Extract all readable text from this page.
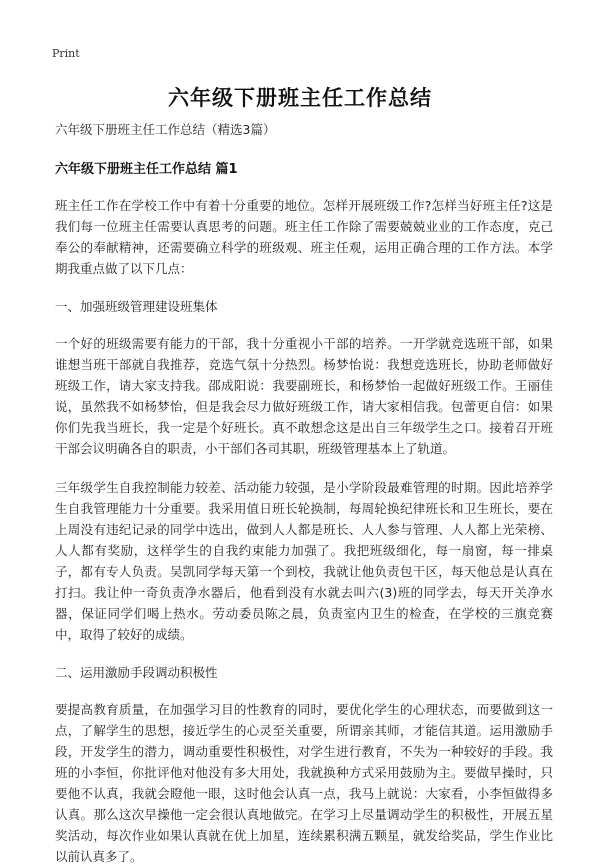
Print
六年级下册班主任工作总结
六年级下册班主任工作总结（精选3篇）
六年级下册班主任工作总结 篇1

班主任工作在学校工作中有着十分重要的地位。怎样开展班级工作?怎样当好班主任?这是我们每一位班主任需要认真思考的问题。班主任工作除了需要兢兢业业的工作态度，克己奉公的奉献精神，还需要确立科学的班级观、班主任观，运用正确合理的工作方法。本学期我重点做了以下几点：

一、加强班级管理建设班集体

一个好的班级需要有能力的干部，我十分重视小干部的培养。一开学就竞选班干部，如果谁想当班干部就自我推荐，竞选气氛十分热烈。杨梦怡说：我想竞选班长，协助老师做好班级工作，请大家支持我。邵成阳说：我要副班长，和杨梦怡一起做好班级工作。王丽佳说，虽然我不如杨梦怡，但是我会尽力做好班级工作，请大家相信我。包蕾更自信：如果你们先我当班长，我一定是个好班长。真不敢想念这是出自三年级学生之口。接着召开班干部会议明确各自的职责，小干部们各司其职，班级管理基本上了轨道。

三年级学生自我控制能力较差、活动能力较强，是小学阶段最难管理的时期。因此培养学生自我管理能力十分重要。我采用值日班长轮换制，每周轮换纪律班长和卫生班长，要在上周没有违纪记录的同学中选出，做到人人都是班长、人人参与管理、人人都上光荣榜、人人都有奖励，这样学生的自我约束能力加强了。我把班级细化，每一扇窗，每一排桌子，都有专人负责。吴凯同学每天第一个到校，我就让他负责包干区，每天他总是认真在打扫。我让仲一奇负责净水器后，他看到没有水就去叫六(3)班的同学去，每天开关净水器，保证同学们喝上热水。劳动委员陈之晨，负责室内卫生的检查，在学校的三旗竞赛中，取得了较好的成绩。

二、运用激励手段调动积极性

要提高教育质量，在加强学习目的性教育的同时，要优化学生的心理状态，而要做到这一点，了解学生的思想，接近学生的心灵至关重要，所谓亲其师，才能信其道。运用激励手段，开发学生的潜力，调动重要性积极性，对学生进行教育，不失为一种较好的手段。我班的小李恒，你批评他对他没有多大用处，我就换种方式采用鼓励为主。要做早操时，只要他不认真，我就会瞪他一眼，这时他会认真一点，我马上就说：大家看，小李恒做得多认真。那么这次早操他一定会很认真地做完。在学习上尽量调动学生的积极性，开展五星奖活动，每次作业如果认真就在优上加星，连续累积满五颗星，就发给奖品，学生作业比以前认真多了。
